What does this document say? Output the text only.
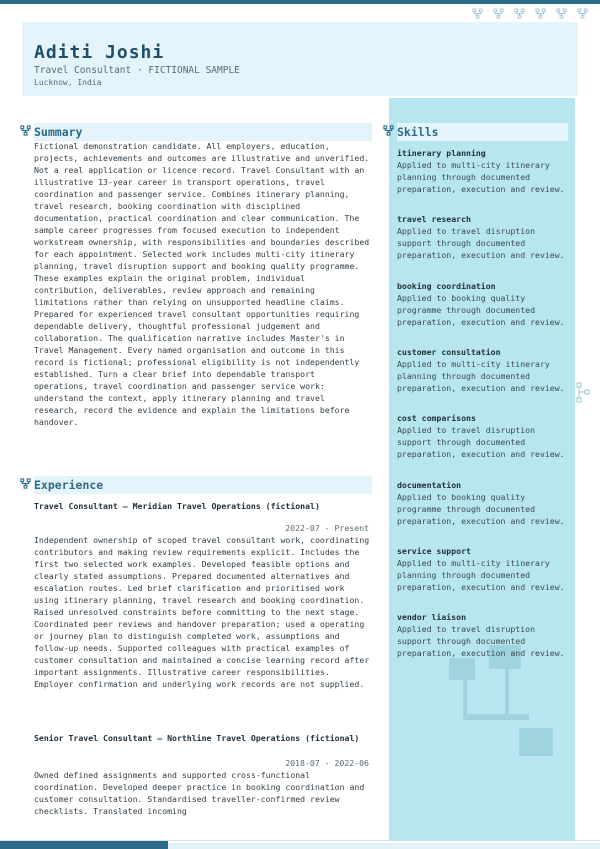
Aditi Joshi
Travel Consultant · FICTIONAL SAMPLE
Lucknow, India
Summary
Fictional demonstration candidate. All employers, education, projects, achievements and outcomes are illustrative and unverified. Not a real application or licence record. Travel Consultant with an illustrative 13-year career in transport operations, travel coordination and passenger service. Combines itinerary planning, travel research, booking coordination with disciplined documentation, practical coordination and clear communication. The sample career progresses from focused execution to independent workstream ownership, with responsibilities and boundaries described for each appointment. Selected work includes multi-city itinerary planning, travel disruption support and booking quality programme. These examples explain the original problem, individual contribution, deliverables, review approach and remaining limitations rather than relying on unsupported headline claims. Prepared for experienced travel consultant opportunities requiring dependable delivery, thoughtful professional judgement and collaboration. The qualification narrative includes Master's in Travel Management. Every named organisation and outcome in this record is fictional; professional eligibility is not independently established. Turn a clear brief into dependable transport operations, travel coordination and passenger service work: understand the context, apply itinerary planning and travel research, record the evidence and explain the limitations before handover.
Experience
Travel Consultant – Meridian Travel Operations (fictional)
2022-07 - Present
Independent ownership of scoped travel consultant work, coordinating contributors and making review requirements explicit. Includes the first two selected work examples. Developed feasible options and clearly stated assumptions. Prepared documented alternatives and escalation routes. Led brief clarification and prioritised work using itinerary planning, travel research and booking coordination. Raised unresolved constraints before committing to the next stage. Coordinated peer reviews and handover preparation; used a operating or journey plan to distinguish completed work, assumptions and follow-up needs. Supported colleagues with practical examples of customer consultation and maintained a concise learning record after important assignments. Illustrative career responsibilities. Employer confirmation and underlying work records are not supplied.
Senior Travel Consultant – Northline Travel Operations (fictional)
2018-07 - 2022-06
Owned defined assignments and supported cross-functional coordination. Developed deeper practice in booking coordination and customer consultation. Standardised traveller-confirmed review checklists. Translated incoming
Skills
itinerary planning
Applied to multi-city itinerary planning through documented preparation, execution and review.
travel research
Applied to travel disruption support through documented preparation, execution and review.
booking coordination
Applied to booking quality programme through documented preparation, execution and review.
customer consultation
Applied to multi-city itinerary planning through documented preparation, execution and review.
cost comparisons
Applied to travel disruption support through documented preparation, execution and review.
documentation
Applied to booking quality programme through documented preparation, execution and review.
service support
Applied to multi-city itinerary planning through documented preparation, execution and review.
vendor liaison
Applied to travel disruption support through documented preparation, execution and review.
